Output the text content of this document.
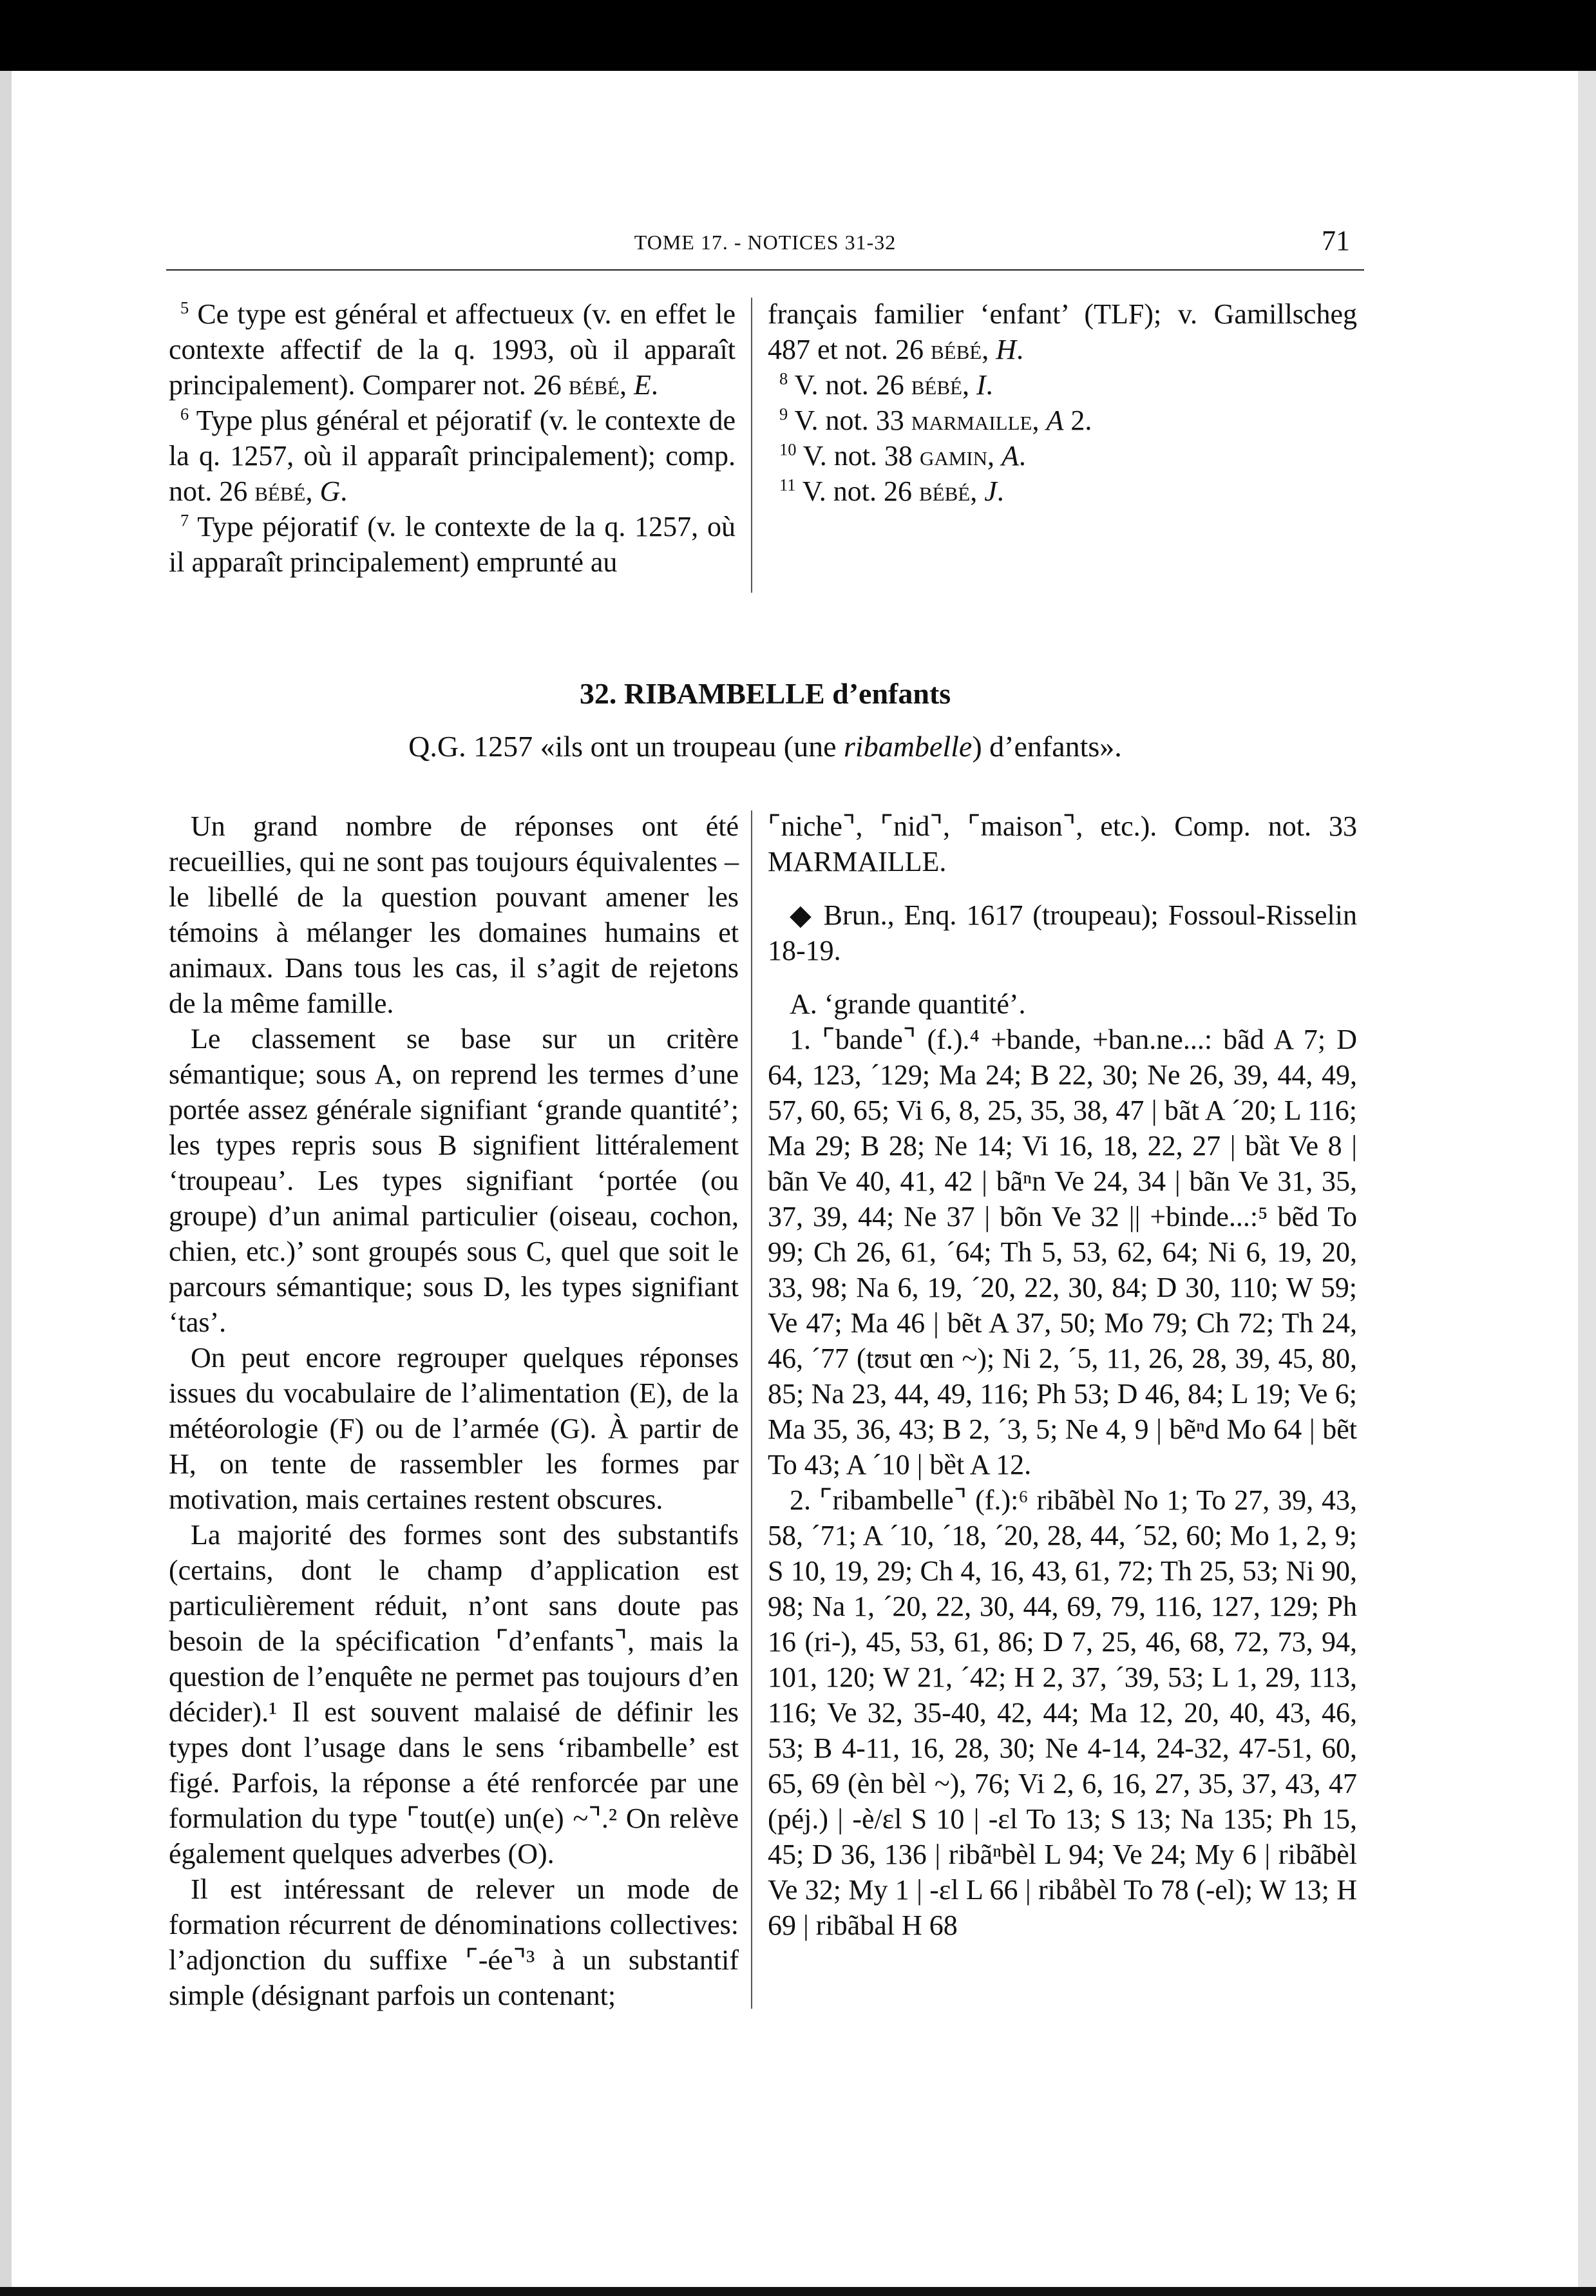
TOME 17. - NOTICES 31-32	71

$^5$ Ce type est général et affectueux (v. en effet le contexte affectif de la q. 1993, où il apparaît principalement). Comparer not. 26 bébé, E.

$^6$ Type plus général et péjoratif (v. le contexte de la q. 1257, où il apparaît principalement); comp. not. 26 bébé, G.

$^7$ Type péjoratif (v. le contexte de la q. 1257, où il apparaît principalement) emprunté au

français familier ‘enfant’ (TLF); v. Gamillscheg 487 et not. 26 bébé, H.

$^8$ V. not. 26 bébé, I.

$^9$ V. not. 33 marmaille, A 2.

$^{10}$ V. not. 38 gamin, A.

$^{11}$ V. not. 26 bébé, J.

32. RIBAMBELLE d’enfants
Q.G. 1257 «ils ont un troupeau (une ribambelle) d’enfants».

Un grand nombre de réponses ont été recueillies, qui ne sont pas toujours équivalentes – le libellé de la question pouvant amener les témoins à mélanger les domaines humains et animaux. Dans tous les cas, il s’agit de rejetons de la même famille.

Le classement se base sur un critère sémantique; sous A, on reprend les termes d’une portée assez générale signifiant ‘grande quantité’; les types repris sous B signifient littéralement ‘troupeau’. Les types signifiant ‘portée (ou groupe) d’un animal particulier (oiseau, cochon, chien, etc.)’ sont groupés sous C, quel que soit le parcours sémantique; sous D, les types signifiant ‘tas’.

On peut encore regrouper quelques réponses issues du vocabulaire de l’alimentation (E), de la météorologie (F) ou de l’armée (G). À partir de H, on tente de rassembler les formes par motivation, mais certaines restent obscures.

La majorité des formes sont des substantifs (certains, dont le champ d’application est particulièrement réduit, n’ont sans doute pas besoin de la spécification ⌜d’enfants⌝, mais la question de l’enquête ne permet pas toujours d’en décider).¹ Il est souvent malaisé de définir les types dont l’usage dans le sens ‘ribambelle’ est figé. Parfois, la réponse a été renforcée par une formulation du type ⌜tout(e) un(e) ~⌝.² On relève également quelques adverbes (O).

Il est intéressant de relever un mode de formation récurrent de dénominations collectives: l’adjonction du suffixe ⌜-ée⌝³ à un substantif simple (désignant parfois un contenant;

⌜niche⌝, ⌜nid⌝, ⌜maison⌝, etc.). Comp. not. 33 MARMAILLE.

◆ Brun., Enq. 1617 (troupeau); Fossoul-Risselin 18-19.

A. ‘grande quantité’.

1. ⌜bande⌝ (f.).⁴ +bande, +ban.ne...: bãd A 7; D 64, 123, ´129; Ma 24; B 22, 30; Ne 26, 39, 44, 49, 57, 60, 65; Vi 6, 8, 25, 35, 38, 47 | bãt A ´20; L 116; Ma 29; B 28; Ne 14; Vi 16, 18, 22, 27 | bȁt Ve 8 | bãn Ve 40, 41, 42 | bãⁿn Ve 24, 34 | bãn Ve 31, 35, 37, 39, 44; Ne 37 | bõn Ve 32 || +binde...:⁵ bẽd To 99; Ch 26, 61, ´64; Th 5, 53, 62, 64; Ni 6, 19, 20, 33, 98; Na 6, 19, ´20, 22, 30, 84; D 30, 110; W 59; Ve 47; Ma 46 | bẽt A 37, 50; Mo 79; Ch 72; Th 24, 46, ´77 (tʊut œn ~); Ni 2, ´5, 11, 26, 28, 39, 45, 80, 85; Na 23, 44, 49, 116; Ph 53; D 46, 84; L 19; Ve 6; Ma 35, 36, 43; B 2, ´3, 5; Ne 4, 9 | bẽⁿd Mo 64 | bẽt To 43; A ´10 | bȅt A 12.

2. ⌜ribambelle⌝ (f.):⁶ ribãbèl No 1; To 27, 39, 43, 58, ´71; A ´10, ´18, ´20, 28, 44, ´52, 60; Mo 1, 2, 9; S 10, 19, 29; Ch 4, 16, 43, 61, 72; Th 25, 53; Ni 90, 98; Na 1, ´20, 22, 30, 44, 69, 79, 116, 127, 129; Ph 16 (ri-), 45, 53, 61, 86; D 7, 25, 46, 68, 72, 73, 94, 101, 120; W 21, ´42; H 2, 37, ´39, 53; L 1, 29, 113, 116; Ve 32, 35-40, 42, 44; Ma 12, 20, 40, 43, 46, 53; B 4-11, 16, 28, 30; Ne 4-14, 24-32, 47-51, 60, 65, 69 (èn bèl ~), 76; Vi 2, 6, 16, 27, 35, 37, 43, 47 (péj.) | -è/ɛl S 10 | -ɛl To 13; S 13; Na 135; Ph 15, 45; D 36, 136 | ribãⁿbèl L 94; Ve 24; My 6 | ribãbèl Ve 32; My 1 | -ɛl L 66 | ribåbèl To 78 (-el); W 13; H 69 | ribãbal H 68
